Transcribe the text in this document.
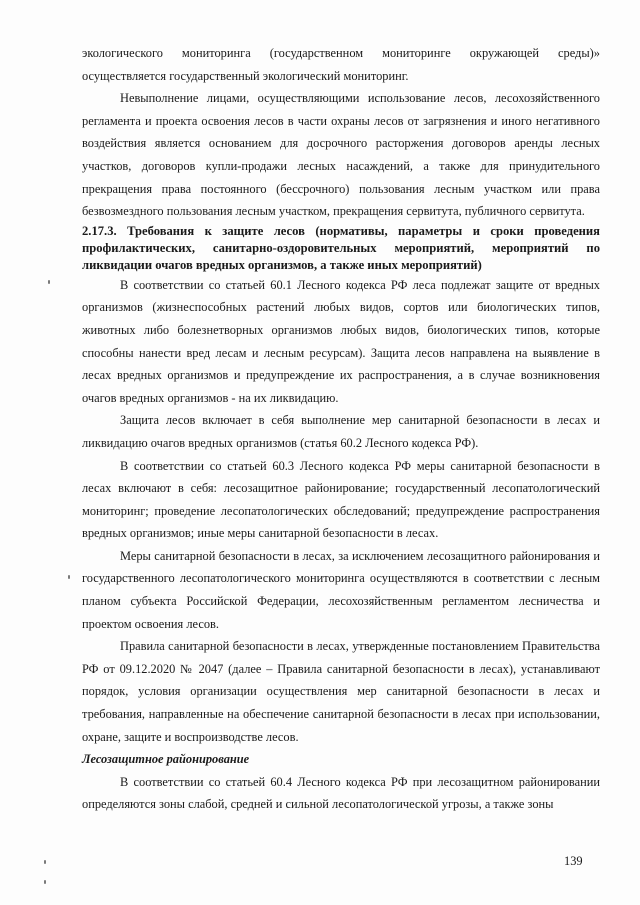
экологического мониторинга (государственном мониторинге окружающей среды)» осуществляется государственный экологический мониторинг.

Невыполнение лицами, осуществляющими использование лесов, лесохозяйственного регламента и проекта освоения лесов в части охраны лесов от загрязнения и иного негативного воздействия является основанием для досрочного расторжения договоров аренды лесных участков, договоров купли-продажи лесных насаждений, а также для принудительного прекращения права постоянного (бессрочного) пользования лесным участком или права безвозмездного пользования лесным участком, прекращения сервитута, публичного сервитута.

2.17.3. Требования к защите лесов (нормативы, параметры и сроки проведения профилактических, санитарно-оздоровительных мероприятий, мероприятий по ликвидации очагов вредных организмов, а также иных мероприятий)

В соответствии со статьей 60.1 Лесного кодекса РФ леса подлежат защите от вредных организмов (жизнеспособных растений любых видов, сортов или биологических типов, животных либо болезнетворных организмов любых видов, биологических типов, которые способны нанести вред лесам и лесным ресурсам). Защита лесов направлена на выявление в лесах вредных организмов и предупреждение их распространения, а в случае возникновения очагов вредных организмов - на их ликвидацию.

Защита лесов включает в себя выполнение мер санитарной безопасности в лесах и ликвидацию очагов вредных организмов (статья 60.2 Лесного кодекса РФ).

В соответствии со статьей 60.3 Лесного кодекса РФ меры санитарной безопасности в лесах включают в себя: лесозащитное районирование; государственный лесопатологический мониторинг; проведение лесопатологических обследований; предупреждение распространения вредных организмов; иные меры санитарной безопасности в лесах.

Меры санитарной безопасности в лесах, за исключением лесозащитного районирования и государственного лесопатологического мониторинга осуществляются в соответствии с лесным планом субъекта Российской Федерации, лесохозяйственным регламентом лесничества и проектом освоения лесов.

Правила санитарной безопасности в лесах, утвержденные постановлением Правительства РФ от 09.12.2020 № 2047 (далее – Правила санитарной безопасности в лесах), устанавливают порядок, условия организации осуществления мер санитарной безопасности в лесах и требования, направленные на обеспечение санитарной безопасности в лесах при использовании, охране, защите и воспроизводстве лесов.

Лесозащитное районирование

В соответствии со статьей 60.4 Лесного кодекса РФ при лесозащитном районировании определяются зоны слабой, средней и сильной лесопатологической угрозы, а также зоны

139
